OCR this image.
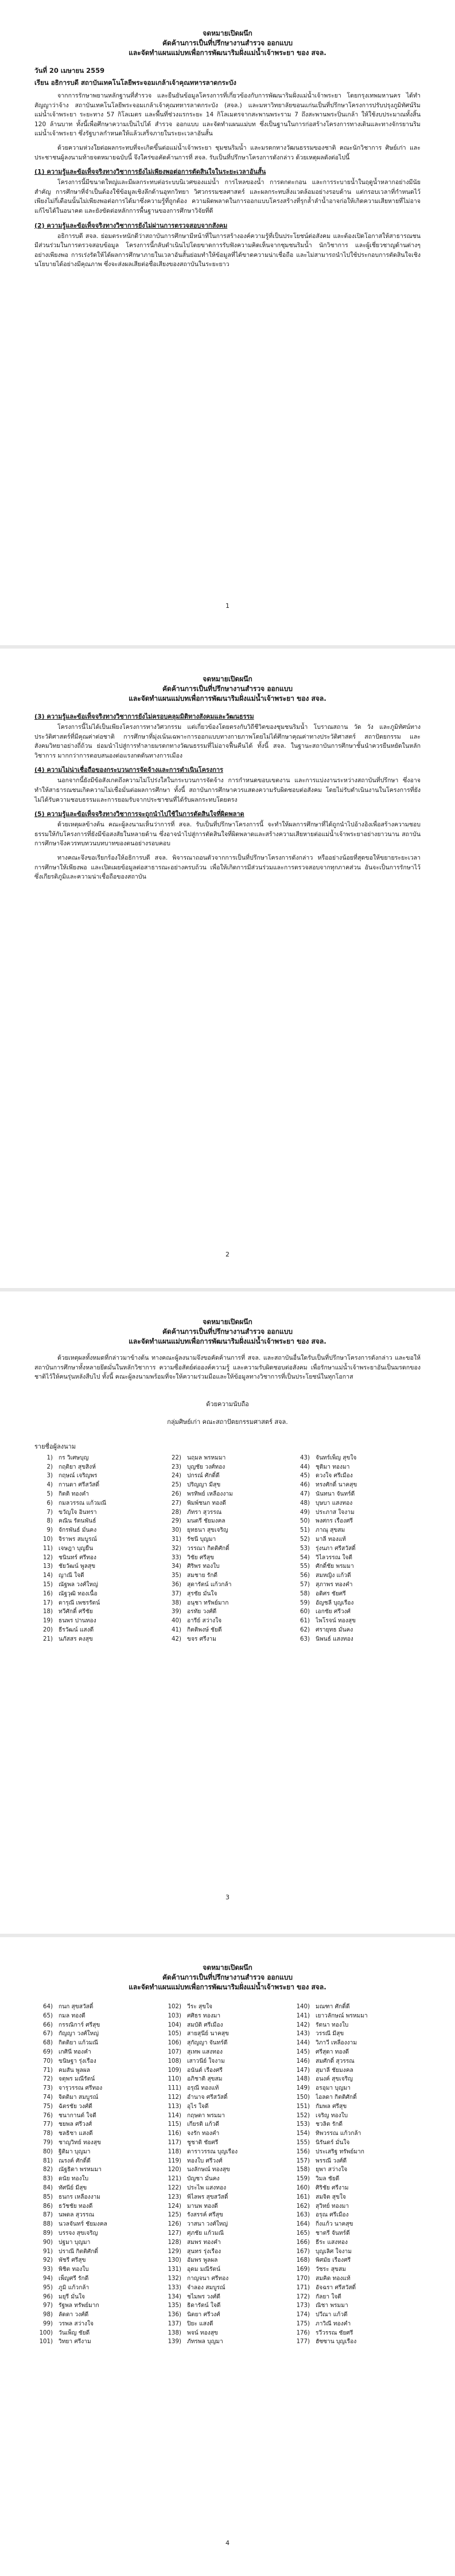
จดหมายเปิดผนึก
คัดค้านการเป็นที่ปรึกษางานสำรวจ ออกแบบ
และจัดทำแผนแม่บทเพื่อการพัฒนาริมฝั่งแม่น้ำเจ้าพระยา ของ สจล.
วันที่ 20 เมษายน 2559
เรียน อธิการบดี สถาบันเทคโนโลยีพระจอมเกล้าเจ้าคุณทหารลาดกระบัง

จากการรักษาพยานหลักฐานที่สำรวจ และยืนยันข้อมูลโครงการที่เกี่ยวข้องกับการพัฒนาริมฝั่งแม่น้ำเจ้าพระยา โดยกรุงเทพมหานคร ได้ทำสัญญาว่าจ้าง สถาบันเทคโนโลยีพระจอมเกล้าเจ้าคุณทหารลาดกระบัง (สจล.) และมหาวิทยาลัยขอนแก่นเป็นที่ปรึกษาโครงการปรับปรุงภูมิทัศน์ริมแม่น้ำเจ้าพระยา ระยะทาง 57 กิโลเมตร และพื้นที่ช่วงแรกระยะ 14 กิโลเมตรจากสะพานพระราม 7 ถึงสะพานพระปิ่นเกล้า ให้ใช้งบประมาณทั้งสิ้น 120 ล้านบาท ทั้งนี้เพื่อศึกษาความเป็นไปได้ สำรวจ ออกแบบ และจัดทำแผนแม่บท ซึ่งเป็นฐานในการก่อสร้างโครงการทางเดินและทางจักรยานริมแม่น้ำเจ้าพระยา ซึ่งรัฐบาลกำหนดให้แล้วเสร็จภายในระยะเวลาอันสั้น

ด้วยความห่วงใยต่อผลกระทบที่จะเกิดขึ้นต่อแม่น้ำเจ้าพระยา ชุมชนริมน้ำ และมรดกทางวัฒนธรรมของชาติ คณะนักวิชาการ ศิษย์เก่า และประชาชนผู้ลงนามท้ายจดหมายฉบับนี้ จึงใคร่ขอคัดค้านการที่ สจล. รับเป็นที่ปรึกษาโครงการดังกล่าว ด้วยเหตุผลดังต่อไปนี้

(1) ความรู้และข้อเท็จจริงทางวิชาการยังไม่เพียงพอต่อการตัดสินใจในระยะเวลาอันสั้น

โครงการนี้มีขนาดใหญ่และมีผลกระทบต่อระบบนิเวศของแม่น้ำ การไหลของน้ำ การตกตะกอน และการระบายน้ำในฤดูน้ำหลากอย่างมีนัยสำคัญ การศึกษาที่จำเป็นต้องใช้ข้อมูลเชิงลึกด้านอุทกวิทยา วิศวกรรมชลศาสตร์ และผลกระทบสิ่งแวดล้อมอย่างรอบด้าน แต่กรอบเวลาที่กำหนดไว้เพียงไม่กี่เดือนนั้นไม่เพียงพอต่อการได้มาซึ่งความรู้ที่ถูกต้อง ความผิดพลาดในการออกแบบโครงสร้างที่รุกล้ำลำน้ำอาจก่อให้เกิดความเสียหายที่ไม่อาจแก้ไขได้ในอนาคต และยังขัดต่อหลักการพื้นฐานของการศึกษาวิจัยที่ดี

(2) ความรู้และข้อเท็จจริงทางวิชาการยังไม่ผ่านการตรวจสอบจากสังคม

อธิการบดี สจล. ย่อมตระหนักดีว่าสถาบันการศึกษามีหน้าที่ในการสร้างองค์ความรู้ที่เป็นประโยชน์ต่อสังคม และต้องเปิดโอกาสให้สาธารณชนมีส่วนร่วมในการตรวจสอบข้อมูล โครงการนี้กลับดำเนินไปโดยขาดการรับฟังความคิดเห็นจากชุมชนริมน้ำ นักวิชาการ และผู้เชี่ยวชาญด้านต่างๆ อย่างเพียงพอ การเร่งรัดให้ได้ผลการศึกษาภายในเวลาอันสั้นย่อมทำให้ข้อมูลที่ได้ขาดความน่าเชื่อถือ และไม่สามารถนำไปใช้ประกอบการตัดสินใจเชิงนโยบายได้อย่างมีคุณภาพ ซึ่งจะส่งผลเสียต่อชื่อเสียงของสถาบันในระยะยาว

1
จดหมายเปิดผนึก
คัดค้านการเป็นที่ปรึกษางานสำรวจ ออกแบบ
และจัดทำแผนแม่บทเพื่อการพัฒนาริมฝั่งแม่น้ำเจ้าพระยา ของ สจล.
(3) ความรู้และข้อเท็จจริงทางวิชาการยังไม่ครอบคลุมมิติทางสังคมและวัฒนธรรม

โครงการนี้ไม่ได้เป็นเพียงโครงการทางวิศวกรรม แต่เกี่ยวข้องโดยตรงกับวิถีชีวิตของชุมชนริมน้ำ โบราณสถาน วัด วัง และภูมิทัศน์ทางประวัติศาสตร์ที่มีคุณค่าต่อชาติ การศึกษาที่มุ่งเน้นเฉพาะการออกแบบทางกายภาพโดยไม่ได้ศึกษาคุณค่าทางประวัติศาสตร์ สถาปัตยกรรม และสังคมวิทยาอย่างถี่ถ้วน ย่อมนำไปสู่การทำลายมรดกทางวัฒนธรรมที่ไม่อาจฟื้นคืนได้ ทั้งนี้ สจล. ในฐานะสถาบันการศึกษาชั้นนำควรยืนหยัดในหลักวิชาการ มากกว่าการตอบสนองต่อแรงกดดันทางการเมือง

(4) ความไม่น่าเชื่อถือของกระบวนการจัดจ้างและการดำเนินโครงการ

นอกจากนี้ยังมีข้อสังเกตถึงความไม่โปร่งใสในกระบวนการจัดจ้าง การกำหนดขอบเขตงาน และการแบ่งงานระหว่างสถาบันที่ปรึกษา ซึ่งอาจทำให้สาธารณชนเกิดความไม่เชื่อมั่นต่อผลการศึกษา ทั้งนี้ สถาบันการศึกษาควรแสดงความรับผิดชอบต่อสังคม โดยไม่รับดำเนินงานในโครงการที่ยังไม่ได้รับความชอบธรรมและการยอมรับจากประชาชนที่ได้รับผลกระทบโดยตรง

(5) ความรู้และข้อเท็จจริงทางวิชาการจะถูกนำไปใช้ในการตัดสินใจที่ผิดพลาด

ด้วยเหตุผลข้างต้น คณะผู้ลงนามเห็นว่าการที่ สจล. รับเป็นที่ปรึกษาโครงการนี้ จะทำให้ผลการศึกษาที่ได้ถูกนำไปอ้างอิงเพื่อสร้างความชอบธรรมให้กับโครงการที่ยังมีข้อสงสัยในหลายด้าน ซึ่งอาจนำไปสู่การตัดสินใจที่ผิดพลาดและสร้างความเสียหายต่อแม่น้ำเจ้าพระยาอย่างยาวนาน สถาบันการศึกษาจึงควรทบทวนบทบาทของตนอย่างรอบคอบ

ทางคณะจึงขอเรียกร้องให้อธิการบดี สจล. พิจารณาถอนตัวจากการเป็นที่ปรึกษาโครงการดังกล่าว หรืออย่างน้อยที่สุดขอให้ขยายระยะเวลาการศึกษาให้เพียงพอ และเปิดเผยข้อมูลต่อสาธารณะอย่างครบถ้วน เพื่อให้เกิดการมีส่วนร่วมและการตรวจสอบจากทุกภาคส่วน อันจะเป็นการรักษาไว้ซึ่งเกียรติภูมิและความน่าเชื่อถือของสถาบัน

2
จดหมายเปิดผนึก
คัดค้านการเป็นที่ปรึกษางานสำรวจ ออกแบบ
และจัดทำแผนแม่บทเพื่อการพัฒนาริมฝั่งแม่น้ำเจ้าพระยา ของ สจล.

ด้วยเหตุผลทั้งหมดที่กล่าวมาข้างต้น ทางคณะผู้ลงนามจึงขอคัดค้านการที่ สจล. และสถาบันอื่นใดรับเป็นที่ปรึกษาโครงการดังกล่าว และขอให้สถาบันการศึกษาทั้งหลายยึดมั่นในหลักวิชาการ ความซื่อสัตย์ต่อองค์ความรู้ และความรับผิดชอบต่อสังคม เพื่อรักษาแม่น้ำเจ้าพระยาอันเป็นมรดกของชาติไว้ให้คนรุ่นหลังสืบไป ทั้งนี้ คณะผู้ลงนามพร้อมที่จะให้ความร่วมมือและให้ข้อมูลทางวิชาการที่เป็นประโยชน์ในทุกโอกาส

ด้วยความนับถือ
กลุ่มศิษย์เก่า คณะสถาปัตยกรรมศาสตร์ สจล.
รายชื่อผู้ลงนาม
1) กร วิเศษบุญ
2) กฤติยา สุขสิงห์
3) กฤษณ์ เจริญพร
4) กานดา ศรีสวัสดิ์
5) กิตติ ทองคำ
6) กมลวรรณ แก้วมณี
7) ขวัญใจ อินทรา
8) คณิน รัตนพันธ์
9) จักรพันธ์ มั่นคง
10) จิราพร สมบูรณ์
11) เจษฎา บุญยืน
12) ชนินทร์ ศรีทอง
13) ชัยวัฒน์ พูลสุข
14) ญาณี ใจดี
15) ณัฐพล วงศ์ใหญ่
16) ณัฐวุฒิ ทองเนื้อ
17) ดารุณี เพชรรัตน์
18) ทวีศักดิ์ ศรีชัย
19) ธนพร ปานทอง
20) ธีรวัฒน์ แสงดี
21) นภัสสร คงสุข
22) นฤมล พรหมมา
23) บุญชัย วงศ์ทอง
24) ปกรณ์ ศักดิ์ดี
25) ปริญญา มีสุข
26) พรทิพย์ เหลืองงาม
27) พิมพ์ชนก ทองดี
28) ภัทรา สุวรรณ
29) มนตรี ชัยมงคล
30) ยุทธนา สุขเจริญ
31) รัชนี บุญมา
32) วรรณา กิตติศักดิ์
33) วิชัย ศรีสุข
34) ศิริพร ทองใบ
35) สมชาย รักดี
36) สุดารัตน์ แก้วกล้า
37) สุรชัย มั่นใจ
38) อนุชา ทรัพย์มาก
39) อรทัย วงศ์ดี
40) อารีย์ สว่างใจ
41) กิตติพงษ์ ชัยดี
42) ขจร ศรีงาม
43) จันทร์เพ็ญ สุขใจ
44) ชุติมา ทองมา
45) ดวงใจ ศรีเมือง
46) ทรงศักดิ์ นาคสุข
47) นันทนา จันทร์ดี
48) บุษบา แสงทอง
49) ประภาส ใจงาม
50) พงศกร เรืองศรี
51) ภาณุ สุขสม
52) มาลี ทองแท้
53) รุ่งนภา ศรีสวัสดิ์
54) วิไลวรรณ ใจดี
55) ศักดิ์ชัย พรมมา
56) สมหญิง แก้วดี
57) สุภาพร ทองคำ
58) อดิศร ชัยศรี
59) อัญชลี บุญเรือง
60) เอกชัย ศรีวงศ์
61) ไพโรจน์ ทองสุข
62) ศรายุทธ มั่นคง
63) นิพนธ์ แสงทอง
3
จดหมายเปิดผนึก
คัดค้านการเป็นที่ปรึกษางานสำรวจ ออกแบบ
และจัดทำแผนแม่บทเพื่อการพัฒนาริมฝั่งแม่น้ำเจ้าพระยา ของ สจล.
64) กนก สุขสวัสดิ์
65) กมล ทองดี
66) กรรณิการ์ ศรีสุข
67) กัญญา วงศ์ใหญ่
68) กิตติยา แก้วมณี
69) เกศินี ทองคำ
70) ขนิษฐา รุ่งเรือง
71) คมสัน พูลผล
72) จตุพร มณีรัตน์
73) จารุวรรณ ศรีทอง
74) จิตติมา สมบูรณ์
75) ฉัตรชัย วงศ์ดี
76) ชนากานต์ ใจดี
77) ชยพล ศรีวงศ์
78) ชลธิชา แสงดี
79) ชาญวิทย์ ทองสุข
80) ฐิติมา บุญมา
81) ณรงค์ ศักดิ์ดี
82) ณัฐธิดา พรหมมา
83) ดนัย ทองใบ
84) ทัศนีย์ มีสุข
85) ธนกร เหลืองงาม
86) ธวัชชัย ทองดี
87) นพดล สุวรรณ
88) นวลจันทร์ ชัยมงคล
89) บรรจง สุขเจริญ
90) ปฐมา บุญมา
91) ปราณี กิตติศักดิ์
92) พัชรี ศรีสุข
93) พิชิต ทองใบ
94) เพ็ญศรี รักดี
95) ภูมิ แก้วกล้า
96) มยุรี มั่นใจ
97) รัฐพล ทรัพย์มาก
98) ลัดดา วงศ์ดี
99) วรพล สว่างใจ
100) วันเพ็ญ ชัยดี
101) วิทยา ศรีงาม
102) วีระ สุขใจ
103) ศศิธร ทองมา
104) สมบัติ ศรีเมือง
105) สายสุนีย์ นาคสุข
106) สุกัญญา จันทร์ดี
107) สุเทพ แสงทอง
108) เสาวนีย์ ใจงาม
109) อนันต์ เรืองศรี
110) อภิชาติ สุขสม
111) อรุณี ทองแท้
112) อำนาจ ศรีสวัสดิ์
113) อุไร ใจดี
114) กฤษดา พรมมา
115) เกียรติ แก้วดี
116) จงรัก ทองคำ
117) ชูชาติ ชัยศรี
118) ดาราวรรณ บุญเรือง
119) ทองใบ ศรีวงศ์
120) นงลักษณ์ ทองสุข
121) บัญชา มั่นคง
122) ประไพ แสงทอง
123) พิไลพร สุขสวัสดิ์
124) มานพ ทองดี
125) รังสรรค์ ศรีสุข
126) วาสนา วงศ์ใหญ่
127) ศุภชัย แก้วมณี
128) สมพร ทองคำ
129) สุนทร รุ่งเรือง
130) อัมพร พูลผล
131) อุดม มณีรัตน์
132) กาญจนา ศรีทอง
133) จำลอง สมบูรณ์
134) ชไมพร วงศ์ดี
135) ธิดารัตน์ ใจดี
136) นิตยา ศรีวงศ์
137) ปิยะ แสงดี
138) พจน์ ทองสุข
139) ภัทรพล บุญมา
140) มณฑา ศักดิ์ดี
141) เยาวลักษณ์ พรหมมา
142) รัตนา ทองใบ
143) วรรณี มีสุข
144) วิภาวี เหลืองงาม
145) ศรีสุดา ทองดี
146) สมศักดิ์ สุวรรณ
147) สุมาลี ชัยมงคล
148) อนงค์ สุขเจริญ
149) อรอุมา บุญมา
150) ไอลดา กิตติศักดิ์
151) กัมพล ศรีสุข
152) เจริญ ทองใบ
153) ชวลิต รักดี
154) ทิพวรรณ แก้วกล้า
155) นิรันดร์ มั่นใจ
156) ประเสริฐ ทรัพย์มาก
157) พรรณี วงศ์ดี
158) ยุพา สว่างใจ
159) วิมล ชัยดี
160) ศิริชัย ศรีงาม
161) สมจิต สุขใจ
162) สุวิทย์ ทองมา
163) อรุณ ศรีเมือง
164) กิ่งแก้ว นาคสุข
165) ชาตรี จันทร์ดี
166) ธีระ แสงทอง
167) บุญเลิศ ใจงาม
168) พิศมัย เรืองศรี
169) วัชระ สุขสม
170) สมคิด ทองแท้
171) อัจฉรา ศรีสวัสดิ์
172) กัลยา ใจดี
173) ณิชา พรมมา
174) ปวีณา แก้วดี
175) ภาวิณี ทองคำ
176) รวีวรรณ ชัยศรี
177) ฮัซซาน บุญเรือง
4
